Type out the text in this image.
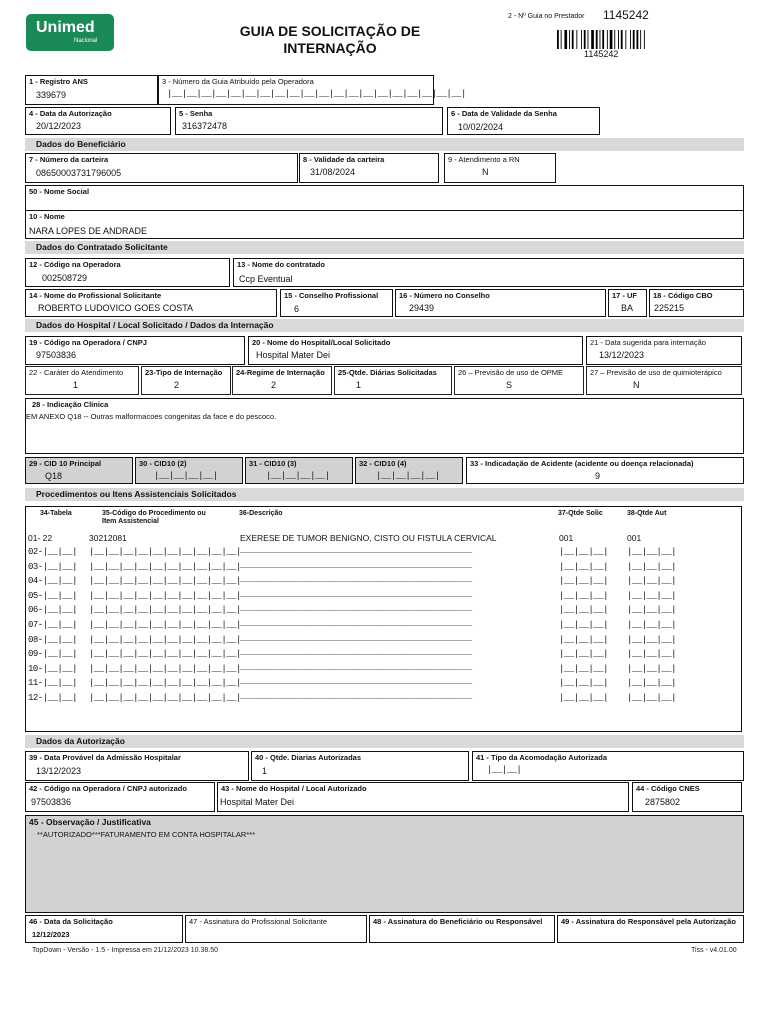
Unimed
Nacional
GUIA DE SOLICITAÇÃO DE
INTERNAÇÃO
2 - Nº Guia no Prestador 1145242
1145242
1 - Registro ANS
339679
3 - Número da Guia Atribuído pela Operadora
|__|__|__|__|__|__|__|__|__|__|__|__|__|__|__|__|__|__|__|__|
4 - Data da Autorização
20/12/2023
5 - Senha
316372478
6 - Data de Validade da Senha
10/02/2024
Dados do Beneficiário
7 - Número da carteira
08650003731796005
8 - Validade da carteira
31/08/2024
9 - Atendimento a RN
N
50 - Nome Social
10 - Nome
NARA LOPES DE ANDRADE
Dados do Contratado Solicitante
12 - Código na Operadora
002508729
13 - Nome do contratado
Ccp Eventual
14 - Nome do Profissional Solicitante
ROBERTO LUDOVICO GOES COSTA
15 - Conselho Profissional
6
16 - Número no Conselho
29439
17 - UF
BA
18 - Código CBO
225215
Dados do Hospital / Local Solicitado / Dados da Internação
19 - Código na Operadora / CNPJ
97503836
20 - Nome do Hospital/Local Solicitado
Hospital Mater Dei
21 - Data sugerida para internação
13/12/2023
22 - Caráter do Atendimento
1
23-Tipo de Internação
2
24-Regime de Internação
2
25-Qtde. Diárias Solicitadas
1
26 – Previsão de uso de OPME
S
27 – Previsão de uso de quimioterápico
N
28 - Indicação Clínica
EM ANEXO Q18 -- Outras malformacoes congenitas da face e do pescoco.
29 - CID 10 Principal
Q18
30 - CID10 (2)
|__|__|__|__|
31 - CID10 (3)
|__|__|__|__|
32 - CID10 (4)
|__|__|__|__|
33 - Indicadação de Acidente (acidente ou doença relacionada)
9
Procedimentos ou Itens Assistenciais Solicitados
34-Tabela	35-Código do Procedimento ou
Item Assistencial
36-Descrição	37-Qtde Solic	38-Qtde Aut
01- 22	30212081	EXERESE DE TUMOR BENIGNO, CISTO OU FISTULA CERVICAL	001	001
02-|__|__| |__|__|__|__|__|__|__|__|__|__| ____________________________________________________________________	|__|__|__| |__|__|__|
03-|__|__| |__|__|__|__|__|__|__|__|__|__| ____________________________________________________________________	|__|__|__| |__|__|__|
04-|__|__| |__|__|__|__|__|__|__|__|__|__| ____________________________________________________________________	|__|__|__| |__|__|__|
05-|__|__| |__|__|__|__|__|__|__|__|__|__| ____________________________________________________________________	|__|__|__| |__|__|__|
06-|__|__| |__|__|__|__|__|__|__|__|__|__| ____________________________________________________________________	|__|__|__| |__|__|__|
07-|__|__| |__|__|__|__|__|__|__|__|__|__| ____________________________________________________________________	|__|__|__| |__|__|__|
08-|__|__| |__|__|__|__|__|__|__|__|__|__| ____________________________________________________________________	|__|__|__| |__|__|__|
09-|__|__| |__|__|__|__|__|__|__|__|__|__| ____________________________________________________________________	|__|__|__| |__|__|__|
10-|__|__| |__|__|__|__|__|__|__|__|__|__| ____________________________________________________________________	|__|__|__| |__|__|__|
11-|__|__| |__|__|__|__|__|__|__|__|__|__| ____________________________________________________________________	|__|__|__| |__|__|__|
12-|__|__| |__|__|__|__|__|__|__|__|__|__| ____________________________________________________________________	|__|__|__| |__|__|__|
Dados da Autorização
39 - Data Provável da Admissão Hospitalar
13/12/2023
40 - Qtde. Diarias Autorizadas
1
41 - Tipo da Acomodação Autorizada
|__|__|
42 - Código na Operadora / CNPJ autorizado
97503836
43 - Nome do Hospital / Local Autorizado
Hospital Mater Dei
44 - Código CNES
2875802
45 - Observação / Justificativa
**AUTORIZADO***FATURAMENTO EM CONTA HOSPITALAR***
46 - Data da Solicitação
12/12/2023
47 - Assinatura do Profissional Solicitante	48 - Assinatura do Beneficiário ou Responsável 49 - Assinatura do Responsável pela Autorização
TopDown - Versão - 1.5 - Impressa em 21/12/2023 10.38.50	Tiss - v4.01.00
